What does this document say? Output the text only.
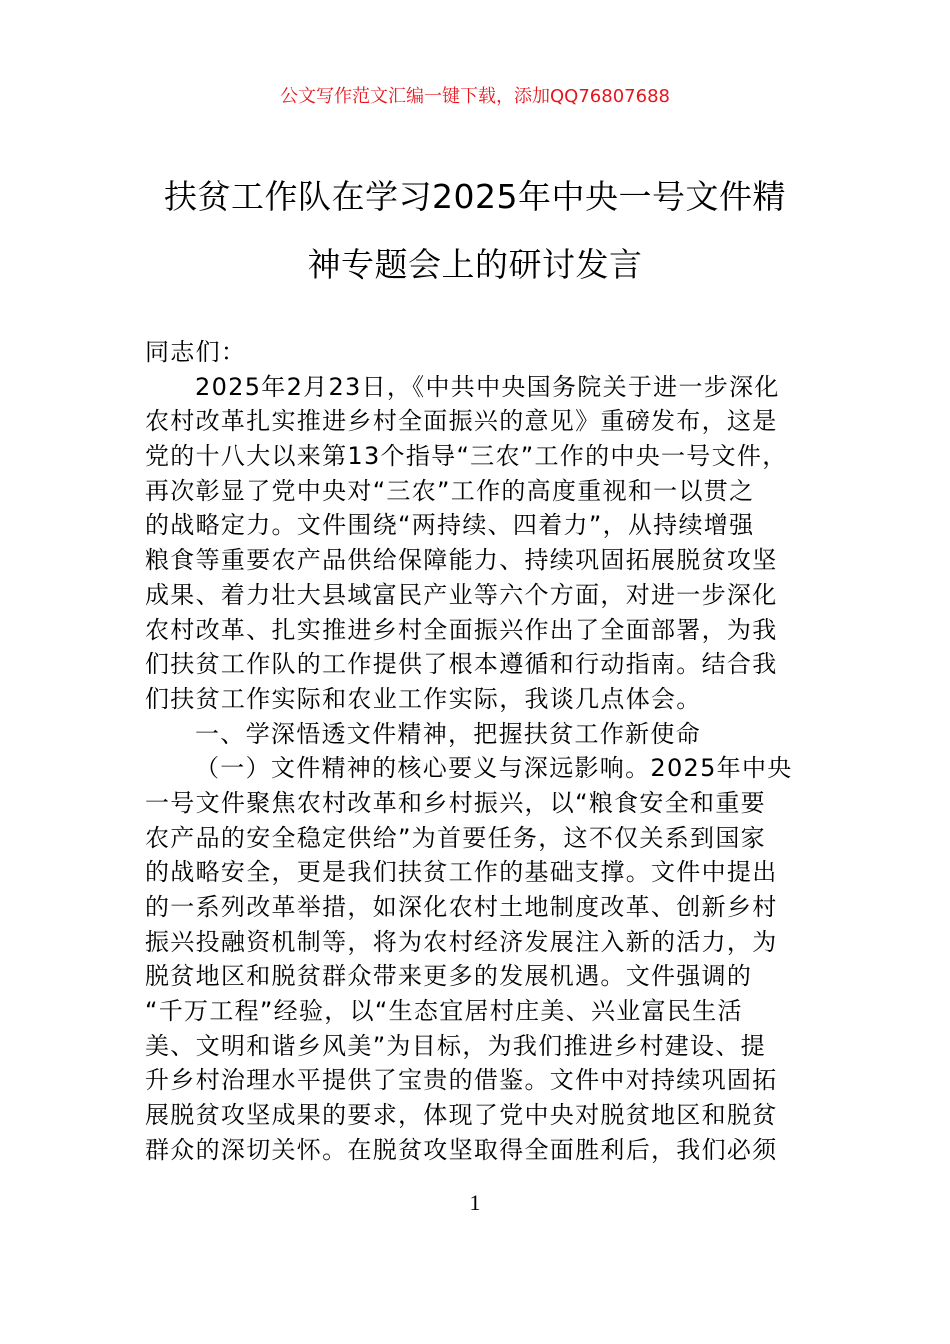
公文写作范文汇编一键下载，添加QQ76807688
扶贫工作队在学习2025年中央一号文件精
神专题会上的研讨发言
同志们：
2025年2月23日，《中共中央国务院关于进一步深化
农村改革扎实推进乡村全面振兴的意见》重磅发布，这是
党的十八大以来第13个指导“三农”工作的中央一号文件，
再次彰显了党中央对“三农”工作的高度重视和一以贯之
的战略定力。文件围绕“两持续、四着力”，从持续增强
粮食等重要农产品供给保障能力、持续巩固拓展脱贫攻坚
成果、着力壮大县域富民产业等六个方面，对进一步深化
农村改革、扎实推进乡村全面振兴作出了全面部署，为我
们扶贫工作队的工作提供了根本遵循和行动指南。结合我
们扶贫工作实际和农业工作实际，我谈几点体会。
一、学深悟透文件精神，把握扶贫工作新使命
（一）文件精神的核心要义与深远影响。2025年中央
一号文件聚焦农村改革和乡村振兴，以“粮食安全和重要
农产品的安全稳定供给”为首要任务，这不仅关系到国家
的战略安全，更是我们扶贫工作的基础支撑。文件中提出
的一系列改革举措，如深化农村土地制度改革、创新乡村
振兴投融资机制等，将为农村经济发展注入新的活力，为
脱贫地区和脱贫群众带来更多的发展机遇。文件强调的
“千万工程”经验，以“生态宜居村庄美、兴业富民生活
美、文明和谐乡风美”为目标，为我们推进乡村建设、提
升乡村治理水平提供了宝贵的借鉴。文件中对持续巩固拓
展脱贫攻坚成果的要求，体现了党中央对脱贫地区和脱贫
群众的深切关怀。在脱贫攻坚取得全面胜利后，我们必须
1
